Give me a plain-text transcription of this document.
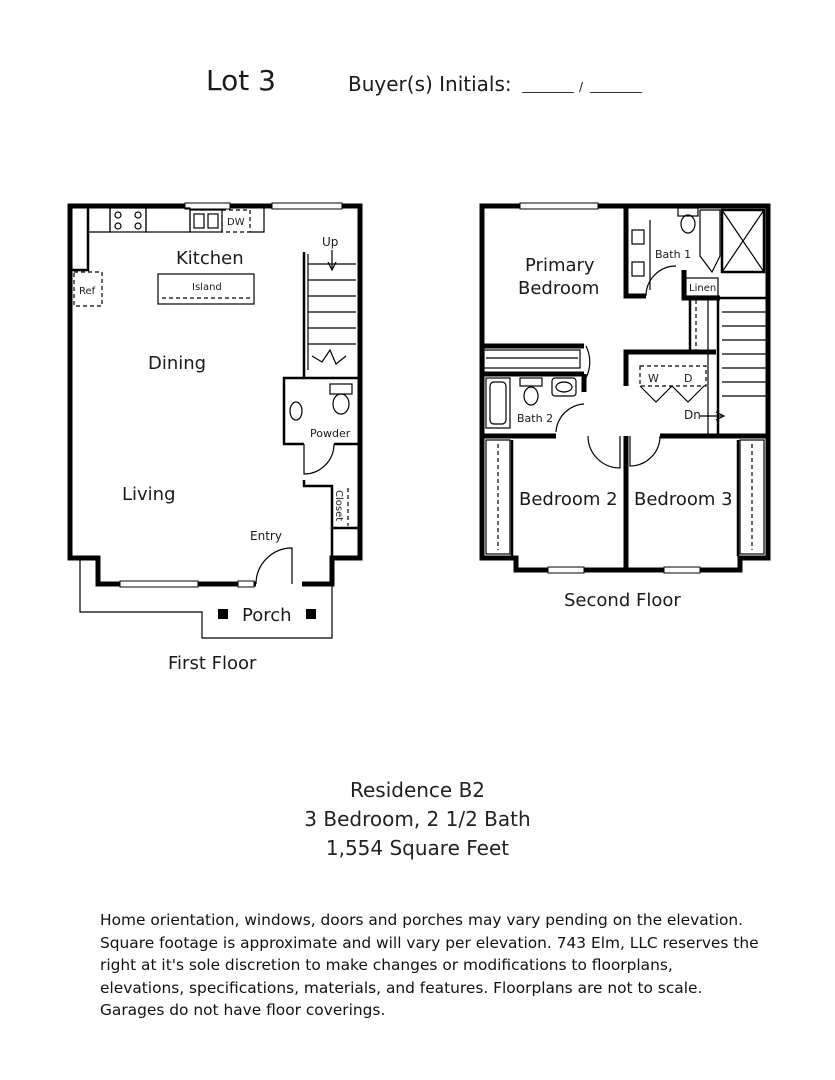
Lot 3	Buyer(s) Initials:	/
DW
Ref	Island
Up
Powder
Closet
Entry
Porch
Kitchen
Dining
Living
First Floor
Bath 1
Linen
Dn
W D
Bath 2
Primary
Bedroom
Bedroom 2 Bedroom 3
Second Floor
Residence B2
3 Bedroom, 2 1/2 Bath
1,554 Square Feet
Home orientation, windows, doors and porches may vary pending on the elevation. Square footage is approximate and will vary per elevation. 743 Elm, LLC reserves the right at it's sole discretion to make changes or modifications to floorplans, elevations, specifications, materials, and features. Floorplans are not to scale. Garages do not have floor coverings.
